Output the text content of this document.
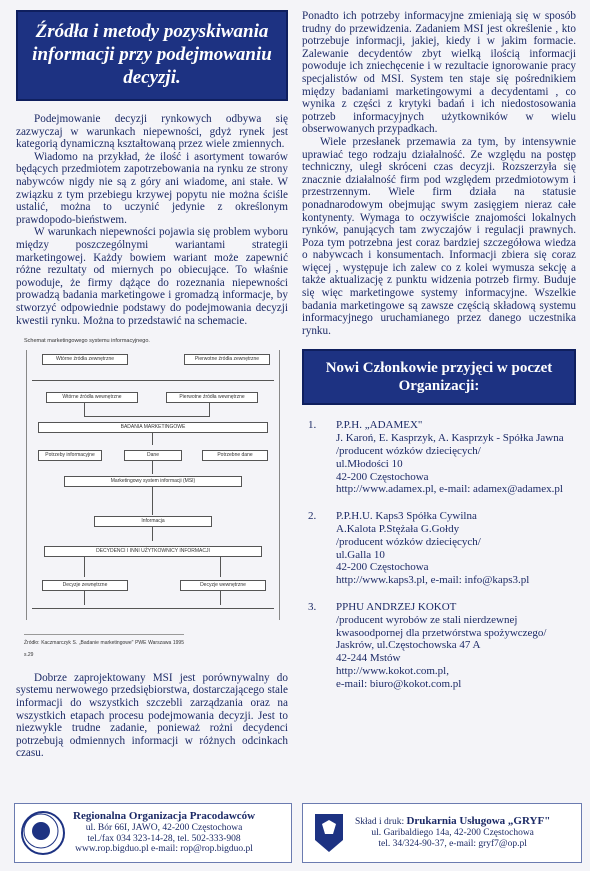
Źródła i metody pozyskiwania
informacji przy podejmowaniu decyzji.

Podejmowanie decyzji rynkowych odbywa się zazwyczaj w warunkach niepewności, gdyż rynek jest kategorią dynamiczną kształtowaną przez wiele zmiennych.

Wiadomo na przykład, że ilość i asortyment towarów będących przedmiotem zapotrzebowania na rynku ze strony nabywców nigdy nie są z góry ani wiadome, ani stałe. W związku z tym przebiegu krzywej popytu nie można ściśle ustalić, można to uczynić jedynie z określonym prawdopodo-bieństwem.

W warunkach niepewności pojawia się problem wyboru między poszczególnymi wariantami strategii marketingowej. Każdy bowiem wariant może zapewnić różne rezultaty od miernych po obiecujące. To właśnie powoduje, że firmy dążące do rozeznania niepewności prowadzą badania marketingowe i gromadzą informacje, by stworzyć odpowiednie podstawy do podejmowania decyzji kwestii rynku. Można to przedstawić na schemacie.

Schemat marketingowego systemu informacyjnego.
Wtórne źródła zewnętrzne	Pierwotne źródła zewnętrzne
Wtórne źródła wewnętrzne	Pierwotne źródła wewnętrzne
BADANIA MARKETINGOWE
Potrzeby informacyjne	Dane	Potrzebne dane
Marketingowy system informacji (MSI)
Informacja
DECYDENCI I INNI UŻYTKOWNICY INFORMACJI
Decyzje zewnętrzne	Decyzje wewnętrzne
Źródło: Kaczmarczyk S. „Badanie marketingowe" PWE Warszawa 1995 s.29

Dobrze zaprojektowany MSI jest porównywalny do systemu nerwowego przedsiębiorstwa, dostarczającego stale informacji do wszystkich szczebli zarządzania oraz na wszystkich etapach procesu podejmowania decyzji. Jest to niezwykle trudne zadanie, ponieważ rożni decydenci potrzebują odmiennych informacji w różnych odcinkach czasu.

Ponadto ich potrzeby informacyjne zmieniają się w sposób trudny do przewidzenia. Zadaniem MSI jest określenie , kto potrzebuje informacji, jakiej, kiedy i w jakim formacie. Zalewanie decydentów zbyt wielką ilością informacji powoduje ich zniechęcenie i w rezultacie ignorowanie pracy specjalistów od MSI. System ten staje się pośrednikiem między badaniami marketingowymi a decydentami , co wynika z części z krytyki badań i ich niedostosowania potrzeb informacyjnych użytkowników w wielu obserwowanych przypadkach.

Wiele przesłanek przemawia za tym, by intensywnie uprawiać tego rodzaju działalność. Ze względu na postęp techniczny, uległ skróceni czas decyzji. Rozszerzyła się znacznie działalność firm pod względem przedmiotowym i przestrzennym. Wiele firm działa na statusie ponadnarodowym obejmując swym zasięgiem nieraz całe kontynenty. Wymaga to oczywiście znajomości lokalnych rynków, panujących tam zwyczajów i regulacji prawnych. Poza tym potrzebna jest coraz bardziej szczegółowa wiedza o nabywcach i konsumentach. Informacji zbiera się coraz więcej , występuje ich zalew co z kolei wymusza sekcję a także aktualizację z punktu widzenia potrzeb firmy. Buduje się więc marketingowe systemy informacyjne. Wszelkie badania marketingowe są zawsze częścią składową systemu informacyjnego uruchamianego przez danego uczestnika rynku.

Nowi Członkowie przyjęci w poczet Organizacji:
1.	P.P.H. „ADAMEX"
J. Karoń, E. Kasprzyk, A. Kasprzyk - Spółka Jawna
/producent wózków dziecięcych/
ul.Młodości 10
42-200 Częstochowa
http://www.adamex.pl, e-mail: adamex@adamex.pl
2.	P.P.H.U. Kaps3 Spółka Cywilna
A.Kalota P.Stężała G.Gołdy
/producent wózków dziecięcych/
ul.Galla 10
42-200 Częstochowa
http://www.kaps3.pl, e-mail: info@kaps3.pl
3.	PPHU ANDRZEJ KOKOT
/producent wyrobów ze stali nierdzewnej
kwasoodpornej dla przetwórstwa spożywczego/
Jaskrów, ul.Częstochowska 47 A
42-244 Mstów
http://www.kokot.com.pl,
e-mail: biuro@kokot.com.pl
Regionalna Organizacja Pracodawców
ul. Bór 66I, JAWO, 42-200 Częstochowa
tel./fax 034 323-14-28, tel. 502-333-908
www.rop.bigduo.pl e-mail: rop@rop.bigduo.pl
Skład i druk: Drukarnia Usługowa „GRYF"
ul. Garibaldiego 14a, 42-200 Częstochowa
tel. 34/324-90-37, e-mail: gryf7@op.pl
